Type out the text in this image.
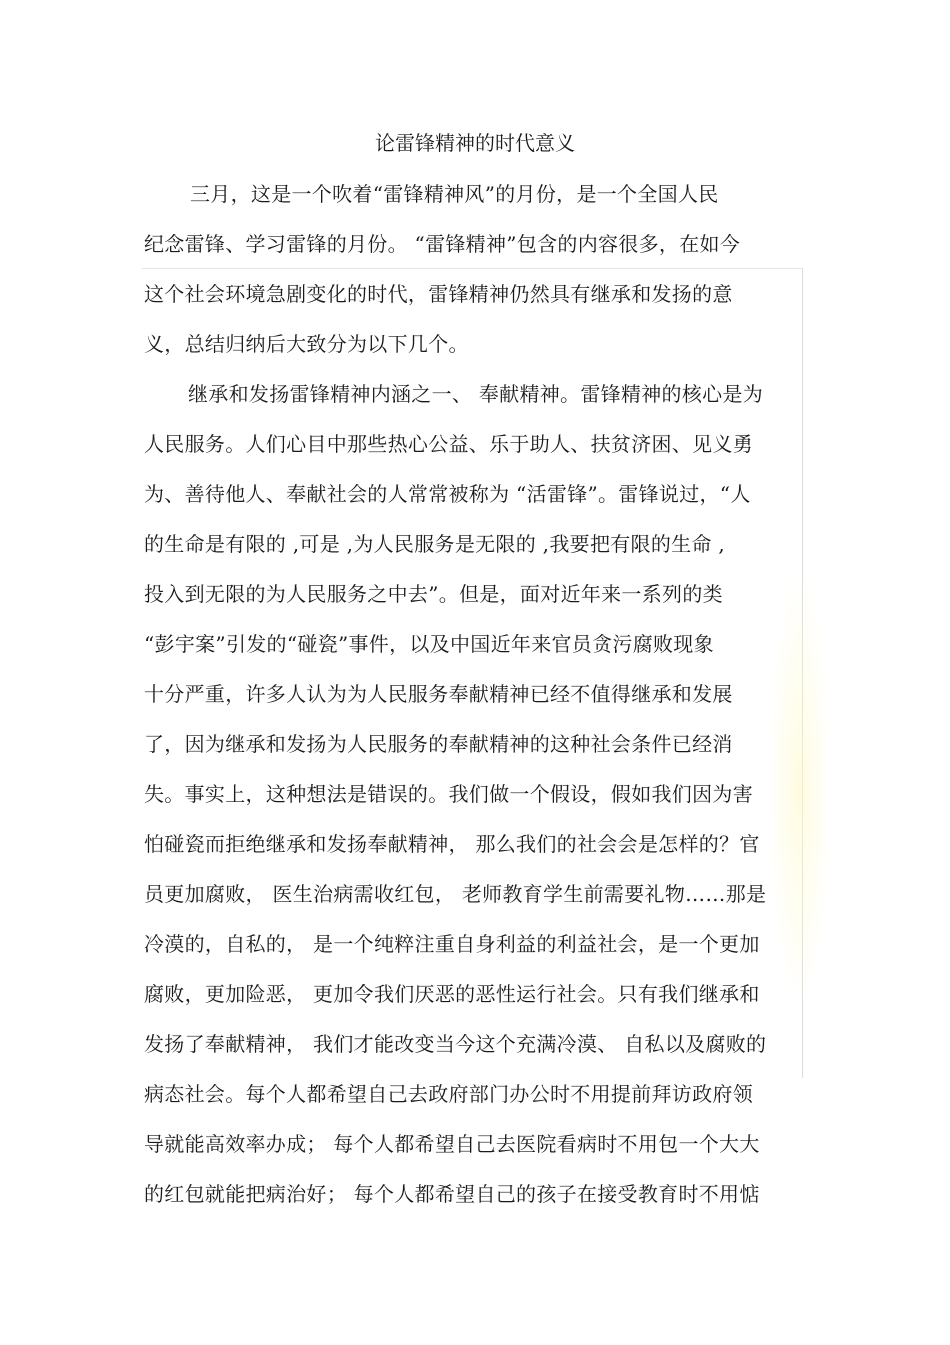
论雷锋精神的时代意义
三月，这是一个吹着“雷锋精神风”的月份，是一个全国人民
纪念雷锋、学习雷锋的月份。 “雷锋精神”包含的内容很多，在如今
这个社会环境急剧变化的时代，雷锋精神仍然具有继承和发扬的意
义，总结归纳后大致分为以下几个。
继承和发扬雷锋精神内涵之一、 奉献精神。雷锋精神的核心是为
人民服务。人们心目中那些热心公益、乐于助人、扶贫济困、见义勇
为、善待他人、奉献社会的人常常被称为 “活雷锋”。雷锋说过，“人
的生命是有限的 ,可是 ,为人民服务是无限的 ,我要把有限的生命 ,
投入到无限的为人民服务之中去”。但是，面对近年来一系列的类
“彭宇案”引发的“碰瓷”事件，以及中国近年来官员贪污腐败现象
十分严重，许多人认为为人民服务奉献精神已经不值得继承和发展
了，因为继承和发扬为人民服务的奉献精神的这种社会条件已经消
失。事实上，这种想法是错误的。我们做一个假设，假如我们因为害
怕碰瓷而拒绝继承和发扬奉献精神， 那么我们的社会会是怎样的？官
员更加腐败， 医生治病需收红包， 老师教育学生前需要礼物……那是
冷漠的，自私的， 是一个纯粹注重自身利益的利益社会，是一个更加
腐败，更加险恶， 更加令我们厌恶的恶性运行社会。只有我们继承和
发扬了奉献精神， 我们才能改变当今这个充满冷漠、 自私以及腐败的
病态社会。每个人都希望自己去政府部门办公时不用提前拜访政府领
导就能高效率办成； 每个人都希望自己去医院看病时不用包一个大大
的红包就能把病治好； 每个人都希望自己的孩子在接受教育时不用惦
